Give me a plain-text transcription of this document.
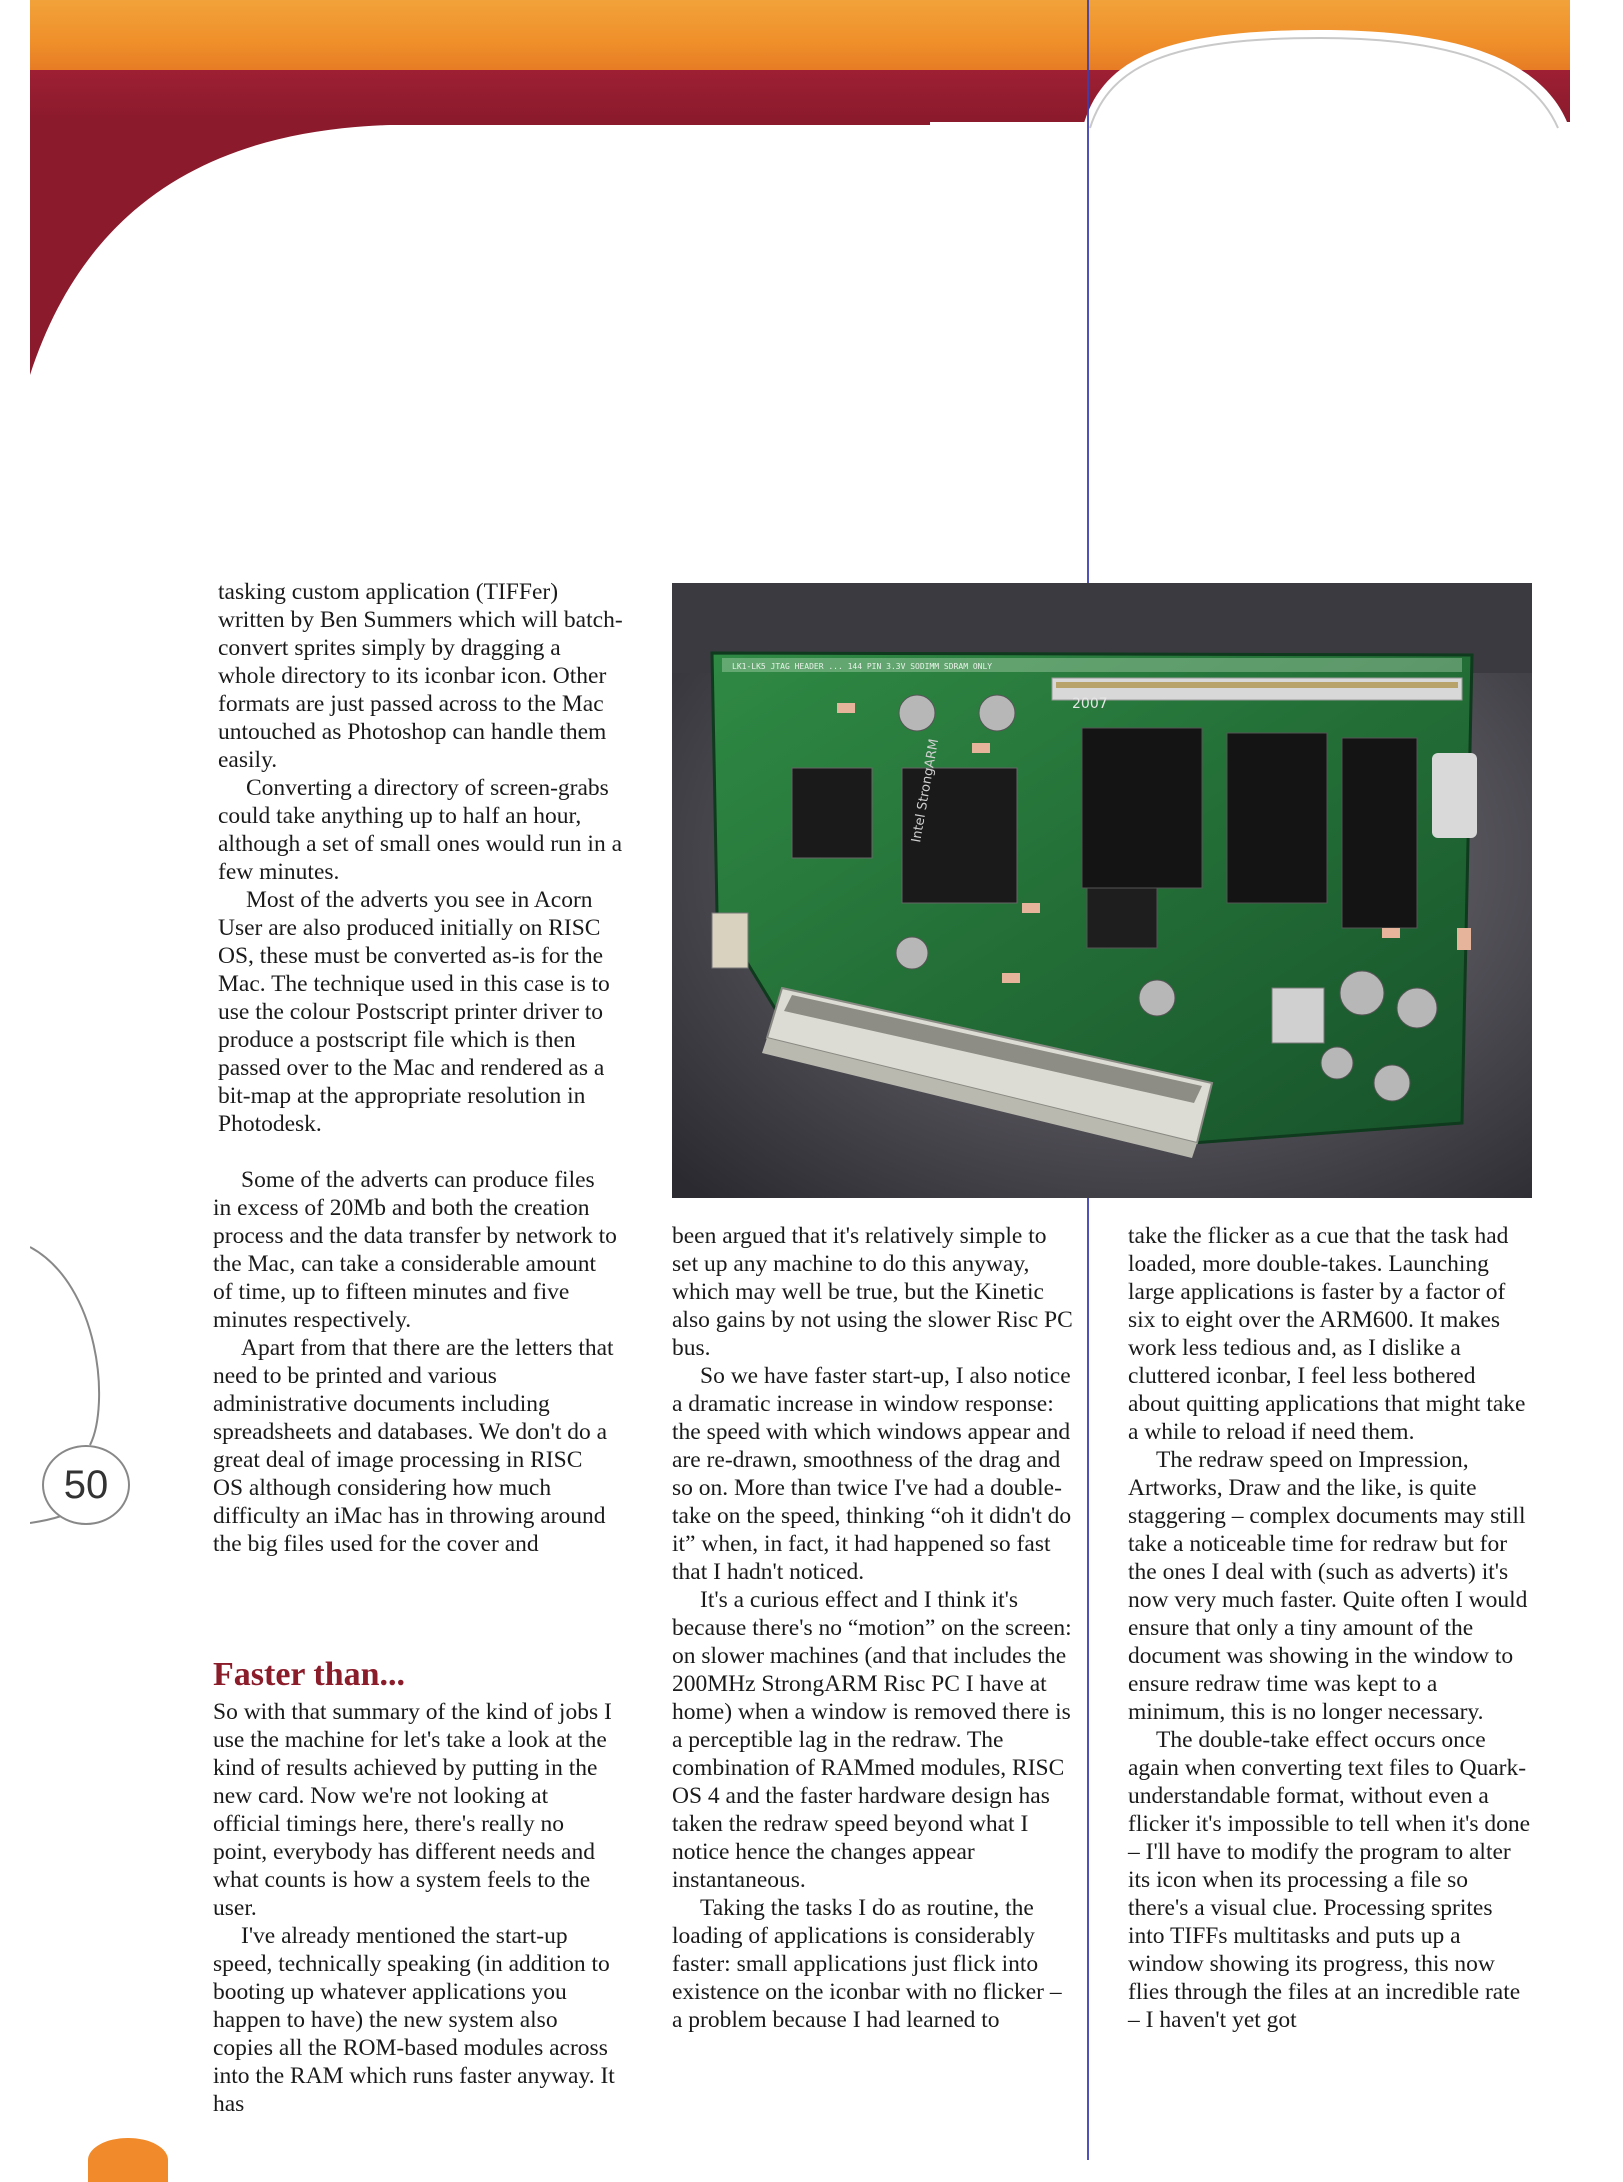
50
LK1-LK5 JTAG HEADER ... 144 PIN 3.3V SODIMM SDRAM ONLY
2007
Intel StrongARM

tasking custom application (TIFFer) written by Ben Summers which will batch-convert sprites simply by dragging a whole directory to its iconbar icon. Other formats are just passed across to the Mac untouched as Photoshop can handle them easily.

Converting a directory of screen-grabs could take anything up to half an hour, although a set of small ones would run in a few minutes.

Most of the adverts you see in Acorn User are also produced initially on RISC OS, these must be converted as-is for the Mac. The technique used in this case is to use the colour Postscript printer driver to produce a postscript file which is then passed over to the Mac and rendered as a bit-map at the appropriate resolution in Photodesk.

Some of the adverts can produce files in excess of 20Mb and both the creation process and the data transfer by network to the Mac, can take a considerable amount of time, up to fifteen minutes and five minutes respectively.

Apart from that there are the letters that need to be printed and various administrative documents including spreadsheets and databases. We don't do a great deal of image processing in RISC OS although considering how much difficulty an iMac has in throwing around the big files used for the cover and

Faster than...

So with that summary of the kind of jobs I use the machine for let's take a look at the kind of results achieved by putting in the new card. Now we're not looking at official timings here, there's really no point, everybody has different needs and what counts is how a system feels to the user.

I've already mentioned the start-up speed, technically speaking (in addition to booting up whatever applications you happen to have) the new system also copies all the ROM-based modules across into the RAM which runs faster anyway. It has

been argued that it's relatively simple to set up any machine to do this anyway, which may well be true, but the Kinetic also gains by not using the slower Risc PC bus.

So we have faster start-up, I also notice a dramatic increase in window response: the speed with which windows appear and are re-drawn, smoothness of the drag and so on. More than twice I've had a double-take on the speed, thinking “oh it didn't do it” when, in fact, it had happened so fast that I hadn't noticed.

It's a curious effect and I think it's because there's no “motion” on the screen: on slower machines (and that includes the 200MHz StrongARM Risc PC I have at home) when a window is removed there is a perceptible lag in the redraw. The combination of RAMmed modules, RISC OS 4 and the faster hardware design has taken the redraw speed beyond what I notice hence the changes appear instantaneous.

Taking the tasks I do as routine, the loading of applications is considerably faster: small applications just flick into existence on the iconbar with no flicker – a problem because I had learned to

take the flicker as a cue that the task had loaded, more double-takes. Launching large applications is faster by a factor of six to eight over the ARM600. It makes work less tedious and, as I dislike a cluttered iconbar, I feel less bothered about quitting applications that might take a while to reload if need them.

The redraw speed on Impression, Artworks, Draw and the like, is quite staggering – complex documents may still take a noticeable time for redraw but for the ones I deal with (such as adverts) it's now very much faster. Quite often I would ensure that only a tiny amount of the document was showing in the window to ensure redraw time was kept to a minimum, this is no longer necessary.

The double-take effect occurs once again when converting text files to Quark-understandable format, without even a flicker it's impossible to tell when it's done – I'll have to modify the program to alter its icon when its processing a file so there's a visual clue. Processing sprites into TIFFs multitasks and puts up a window showing its progress, this now flies through the files at an incredible rate – I haven't yet got
